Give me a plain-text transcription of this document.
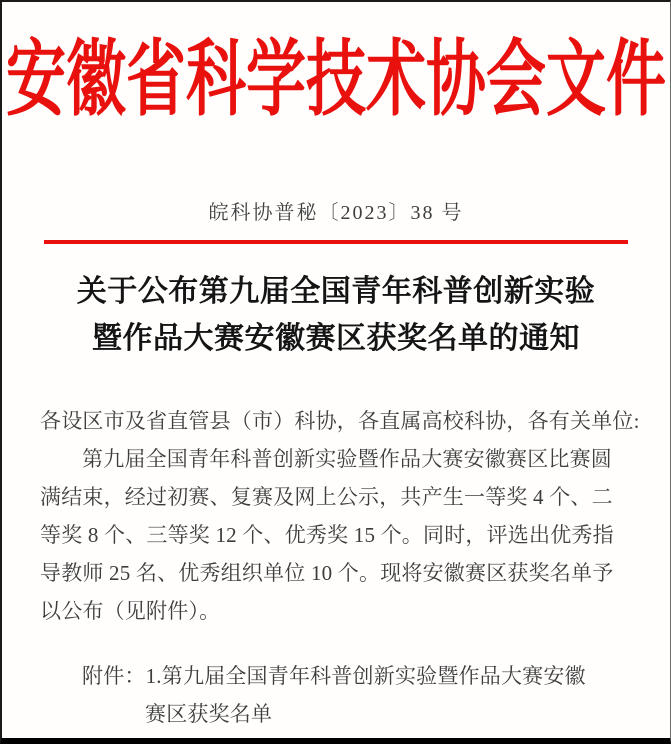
安徽省科学技术协会文件
皖科协普秘〔2023〕38 号
关于公布第九届全国青年科普创新实验
暨作品大赛安徽赛区获奖名单的通知
各设区市及省直管县（市）科协，各直属高校科协，各有关单位:
第九届全国青年科普创新实验暨作品大赛安徽赛区比赛圆
满结束，经过初赛、复赛及网上公示，共产生一等奖 4 个、二
等奖 8 个、三等奖 12 个、优秀奖 15 个。同时，评选出优秀指
导教师 25 名、优秀组织单位 10 个。现将安徽赛区获奖名单予
以公布（见附件）。
附件：1.第九届全国青年科普创新实验暨作品大赛安徽
赛区获奖名单
